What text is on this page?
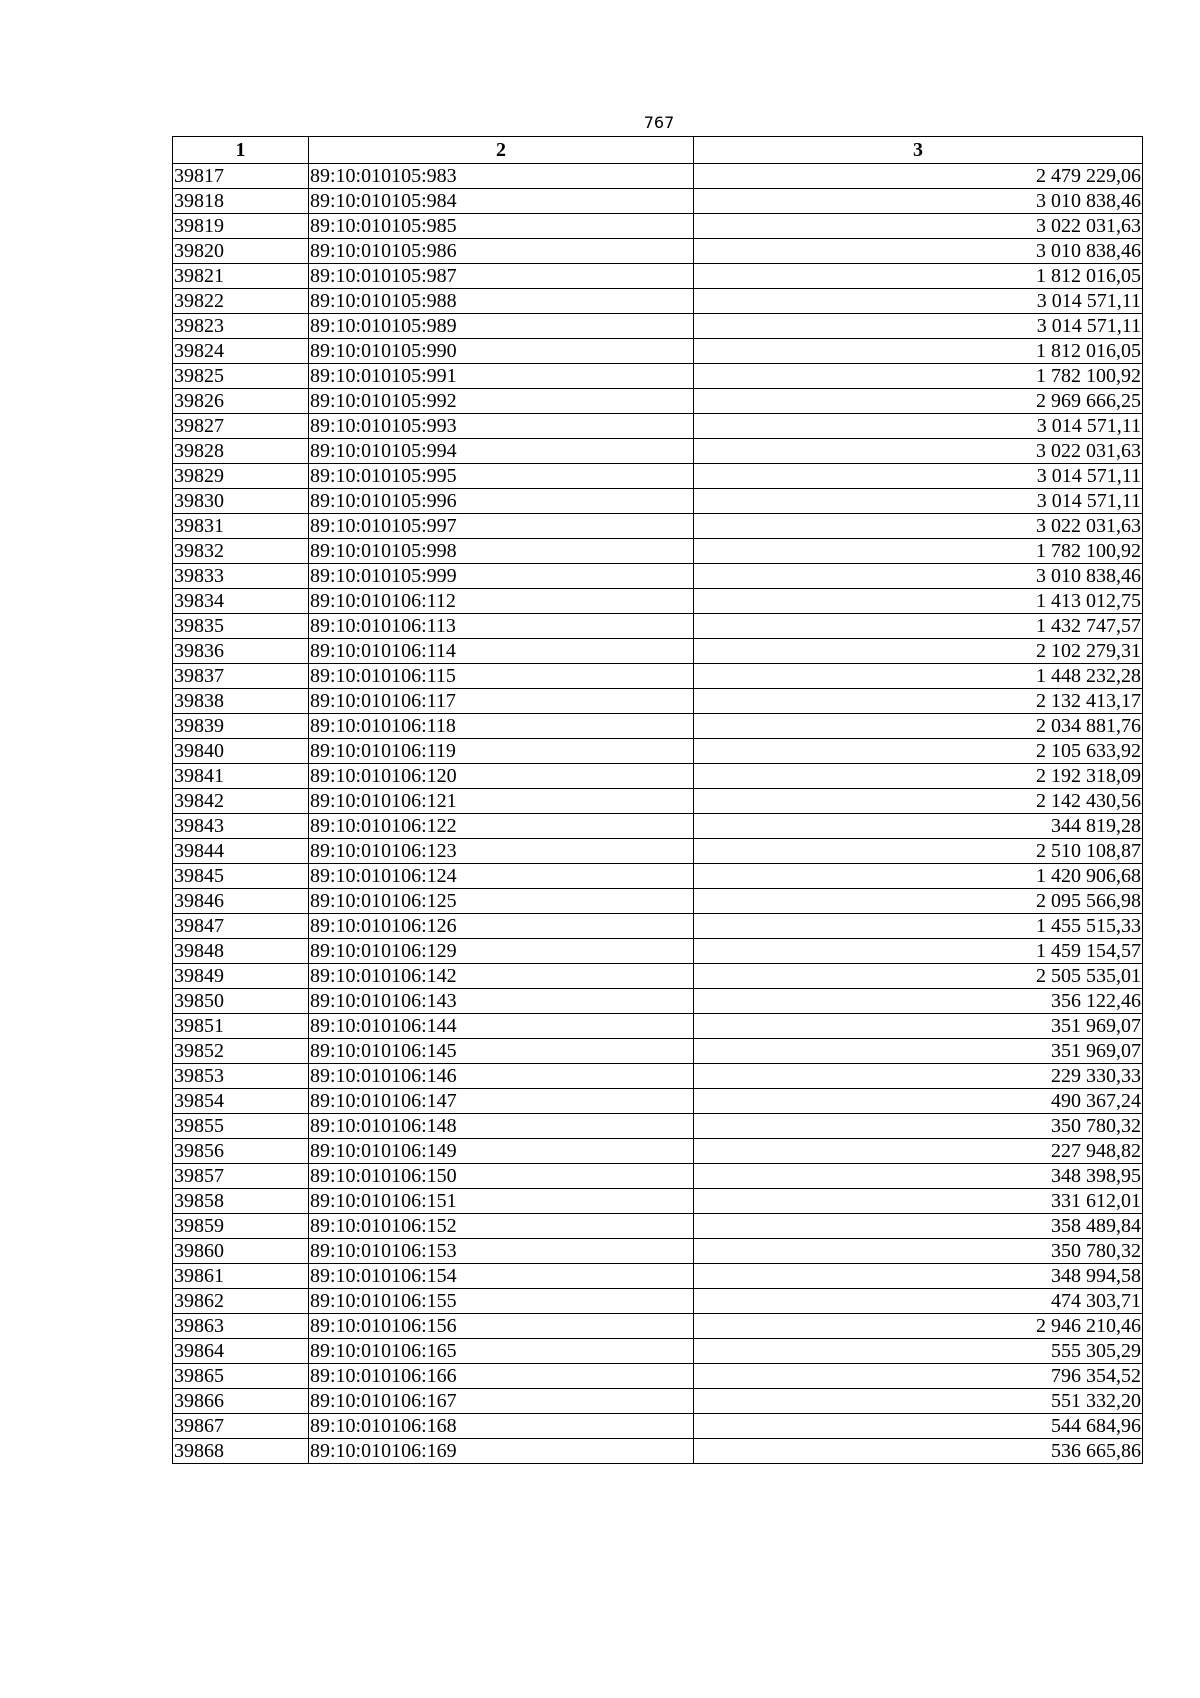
767
1	2	3
39817	89:10:010105:983	2 479 229,06
39818	89:10:010105:984	3 010 838,46
39819	89:10:010105:985	3 022 031,63
39820	89:10:010105:986	3 010 838,46
39821	89:10:010105:987	1 812 016,05
39822	89:10:010105:988	3 014 571,11
39823	89:10:010105:989	3 014 571,11
39824	89:10:010105:990	1 812 016,05
39825	89:10:010105:991	1 782 100,92
39826	89:10:010105:992	2 969 666,25
39827	89:10:010105:993	3 014 571,11
39828	89:10:010105:994	3 022 031,63
39829	89:10:010105:995	3 014 571,11
39830	89:10:010105:996	3 014 571,11
39831	89:10:010105:997	3 022 031,63
39832	89:10:010105:998	1 782 100,92
39833	89:10:010105:999	3 010 838,46
39834	89:10:010106:112	1 413 012,75
39835	89:10:010106:113	1 432 747,57
39836	89:10:010106:114	2 102 279,31
39837	89:10:010106:115	1 448 232,28
39838	89:10:010106:117	2 132 413,17
39839	89:10:010106:118	2 034 881,76
39840	89:10:010106:119	2 105 633,92
39841	89:10:010106:120	2 192 318,09
39842	89:10:010106:121	2 142 430,56
39843	89:10:010106:122	344 819,28
39844	89:10:010106:123	2 510 108,87
39845	89:10:010106:124	1 420 906,68
39846	89:10:010106:125	2 095 566,98
39847	89:10:010106:126	1 455 515,33
39848	89:10:010106:129	1 459 154,57
39849	89:10:010106:142	2 505 535,01
39850	89:10:010106:143	356 122,46
39851	89:10:010106:144	351 969,07
39852	89:10:010106:145	351 969,07
39853	89:10:010106:146	229 330,33
39854	89:10:010106:147	490 367,24
39855	89:10:010106:148	350 780,32
39856	89:10:010106:149	227 948,82
39857	89:10:010106:150	348 398,95
39858	89:10:010106:151	331 612,01
39859	89:10:010106:152	358 489,84
39860	89:10:010106:153	350 780,32
39861	89:10:010106:154	348 994,58
39862	89:10:010106:155	474 303,71
39863	89:10:010106:156	2 946 210,46
39864	89:10:010106:165	555 305,29
39865	89:10:010106:166	796 354,52
39866	89:10:010106:167	551 332,20
39867	89:10:010106:168	544 684,96
39868	89:10:010106:169	536 665,86
